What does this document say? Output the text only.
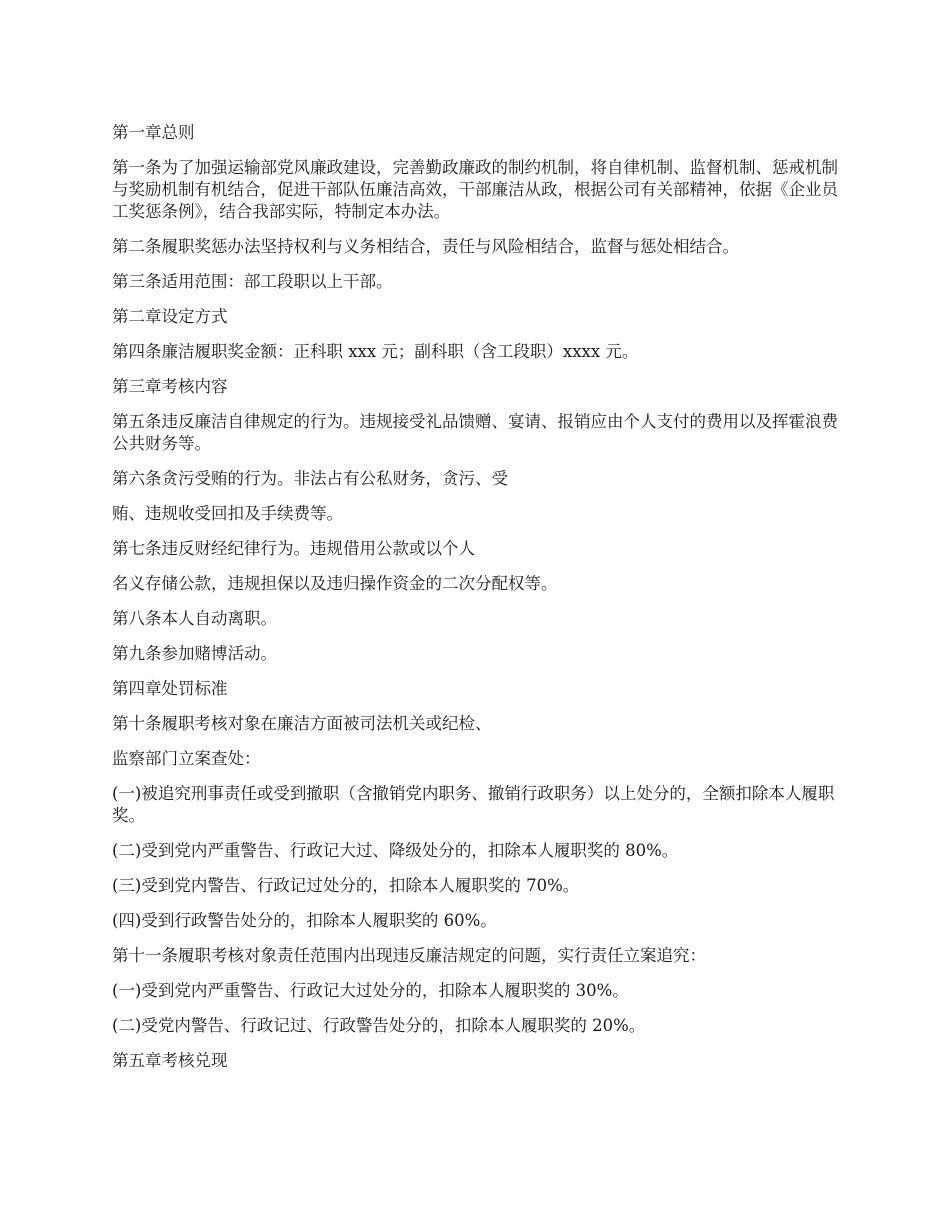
第一章总则

第一条为了加强运输部党风廉政建设，完善勤政廉政的制约机制，将自律机制、监督机制、惩戒机制与奖励机制有机结合，促进干部队伍廉洁高效，干部廉洁从政，根据公司有关部精神，依据《企业员工奖惩条例》，结合我部实际，特制定本办法。

第二条履职奖惩办法坚持权利与义务相结合，责任与风险相结合，监督与惩处相结合。

第三条适用范围：部工段职以上干部。

第二章设定方式

第四条廉洁履职奖金额：正科职 xxx 元；副科职（含工段职）xxxx 元。

第三章考核内容

第五条违反廉洁自律规定的行为。违规接受礼品馈赠、宴请、报销应由个人支付的费用以及挥霍浪费公共财务等。

第六条贪污受贿的行为。非法占有公私财务，贪污、受

贿、违规收受回扣及手续费等。

第七条违反财经纪律行为。违规借用公款或以个人

名义存储公款，违规担保以及违归操作资金的二次分配权等。

第八条本人自动离职。

第九条参加赌博活动。

第四章处罚标准

第十条履职考核对象在廉洁方面被司法机关或纪检、

监察部门立案查处：

(一)被追究刑事责任或受到撤职（含撤销党内职务、撤销行政职务）以上处分的，全额扣除本人履职奖。

(二)受到党内严重警告、行政记大过、降级处分的，扣除本人履职奖的 80%。

(三)受到党内警告、行政记过处分的，扣除本人履职奖的 70%。

(四)受到行政警告处分的，扣除本人履职奖的 60%。

第十一条履职考核对象责任范围内出现违反廉洁规定的问题，实行责任立案追究：

(一)受到党内严重警告、行政记大过处分的，扣除本人履职奖的 30%。

(二)受党内警告、行政记过、行政警告处分的，扣除本人履职奖的 20%。

第五章考核兑现
